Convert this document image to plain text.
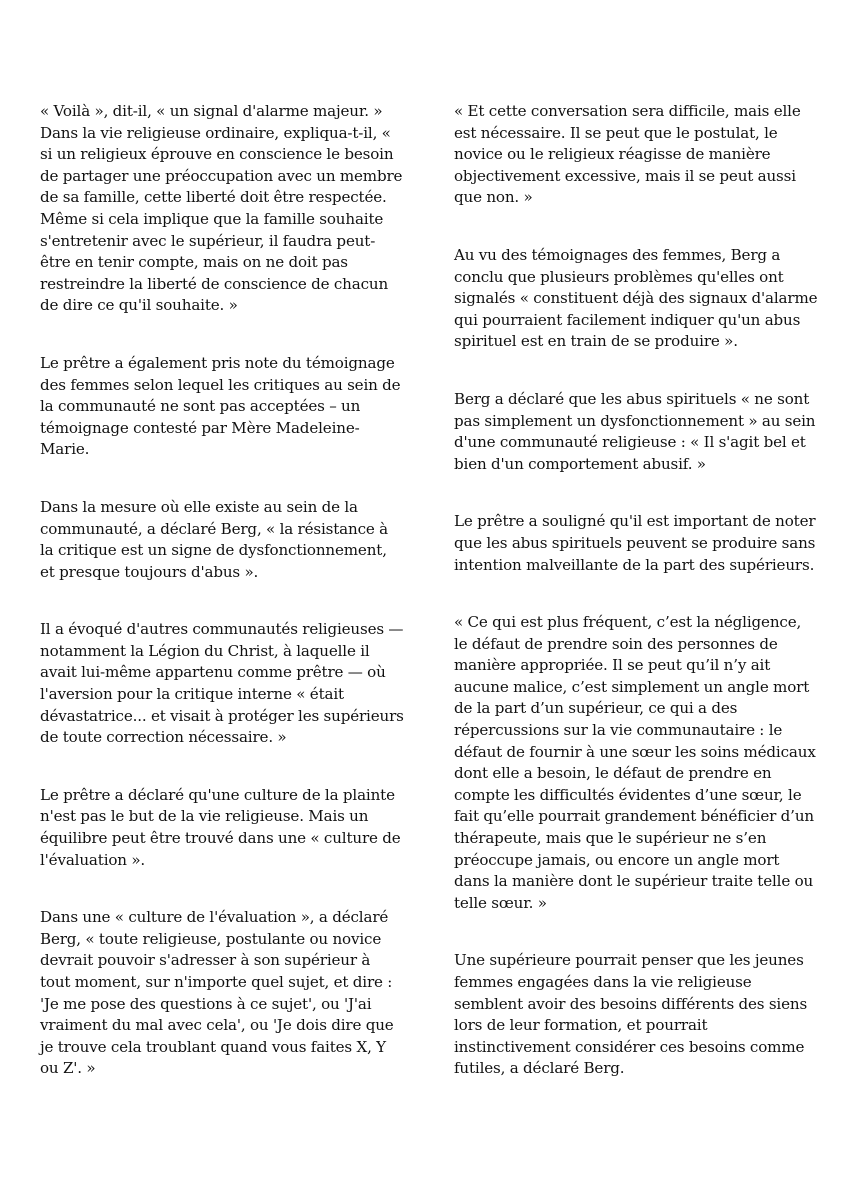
« Voilà », dit-il, « un signal d'alarme majeur. » Dans la vie religieuse ordinaire, expliqua-t-il, « si un religieux éprouve en conscience le besoin de partager une préoccupation avec un membre de sa famille, cette liberté doit être respectée. Même si cela implique que la famille souhaite s'entretenir avec le supérieur, il faudra peut-être en tenir compte, mais on ne doit pas restreindre la liberté de conscience de chacun de dire ce qu'il souhaite. »

Le prêtre a également pris note du témoignage des femmes selon lequel les critiques au sein de la communauté ne sont pas acceptées – un témoignage contesté par Mère Madeleine-Marie.

Dans la mesure où elle existe au sein de la communauté, a déclaré Berg, « la résistance à la critique est un signe de dysfonctionnement, et presque toujours d'abus ».

Il a évoqué d'autres communautés religieuses — notamment la Légion du Christ, à laquelle il avait lui-même appartenu comme prêtre — où l'aversion pour la critique interne « était dévastatrice... et visait à protéger les supérieurs de toute correction nécessaire. »

Le prêtre a déclaré qu'une culture de la plainte n'est pas le but de la vie religieuse. Mais un équilibre peut être trouvé dans une « culture de l'évaluation ».

Dans une « culture de l'évaluation », a déclaré Berg, « toute religieuse, postulante ou novice devrait pouvoir s'adresser à son supérieur à tout moment, sur n'importe quel sujet, et dire : 'Je me pose des questions à ce sujet', ou 'J'ai vraiment du mal avec cela', ou 'Je dois dire que je trouve cela troublant quand vous faites X, Y ou Z'. »

« Et cette conversation sera difficile, mais elle est nécessaire. Il se peut que le postulat, le novice ou le religieux réagisse de manière objectivement excessive, mais il se peut aussi que non. »

Au vu des témoignages des femmes, Berg a conclu que plusieurs problèmes qu'elles ont signalés « constituent déjà des signaux d'alarme qui pourraient facilement indiquer qu'un abus spirituel est en train de se produire ».

Berg a déclaré que les abus spirituels « ne sont pas simplement un dysfonctionnement » au sein d'une communauté religieuse : « Il s'agit bel et bien d'un comportement abusif. »

Le prêtre a souligné qu'il est important de noter que les abus spirituels peuvent se produire sans intention malveillante de la part des supérieurs.

« Ce qui est plus fréquent, c’est la négligence, le défaut de prendre soin des personnes de manière appropriée. Il se peut qu’il n’y ait aucune malice, c’est simplement un angle mort de la part d’un supérieur, ce qui a des répercussions sur la vie communautaire : le défaut de fournir à une sœur les soins médicaux dont elle a besoin, le défaut de prendre en compte les difficultés évidentes d’une sœur, le fait qu’elle pourrait grandement bénéficier d’un thérapeute, mais que le supérieur ne s’en préoccupe jamais, ou encore un angle mort dans la manière dont le supérieur traite telle ou telle sœur. »

Une supérieure pourrait penser que les jeunes femmes engagées dans la vie religieuse semblent avoir des besoins différents des siens lors de leur formation, et pourrait instinctivement considérer ces besoins comme futiles, a déclaré Berg.
